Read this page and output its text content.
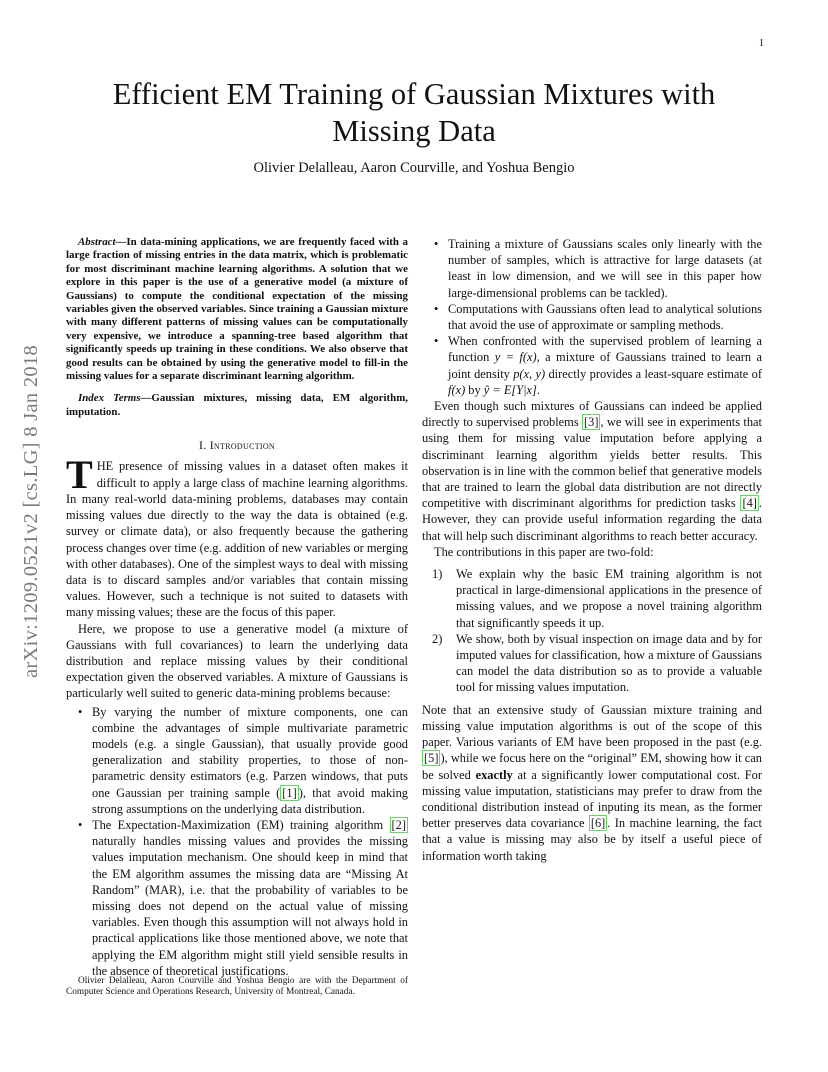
1
arXiv:1209.0521v2 [cs.LG] 8 Jan 2018
Efficient EM Training of Gaussian Mixtures with Missing Data
Olivier Delalleau, Aaron Courville, and Yoshua Bengio

Abstract—In data-mining applications, we are frequently faced with a large fraction of missing entries in the data matrix, which is problematic for most discriminant machine learning algorithms. A solution that we explore in this paper is the use of a generative model (a mixture of Gaussians) to compute the conditional expectation of the missing variables given the observed variables. Since training a Gaussian mixture with many different patterns of missing values can be computationally very expensive, we introduce a spanning-tree based algorithm that significantly speeds up training in these conditions. We also observe that good results can be obtained by using the generative model to fill-in the missing values for a separate discriminant learning algorithm.

Index Terms—Gaussian mixtures, missing data, EM algorithm, imputation.

I. Introduction

THE presence of missing values in a dataset often makes it difficult to apply a large class of machine learning algorithms. In many real-world data-mining problems, databases may contain missing values due directly to the way the data is obtained (e.g. survey or climate data), or also frequently because the gathering process changes over time (e.g. addition of new variables or merging with other databases). One of the simplest ways to deal with missing data is to discard samples and/or variables that contain missing values. However, such a technique is not suited to datasets with many missing values; these are the focus of this paper.

Here, we propose to use a generative model (a mixture of Gaussians with full covariances) to learn the underlying data distribution and replace missing values by their conditional expectation given the observed variables. A mixture of Gaussians is particularly well suited to generic data-mining problems because:

• By varying the number of mixture components, one can combine the advantages of simple multivariate parametric models (e.g. a single Gaussian), that usually provide good generalization and stability properties, to those of non-parametric density estimators (e.g. Parzen windows, that puts one Gaussian per training sample ( [1] ), that avoid making strong assumptions on the underlying data distribution.
• The Expectation-Maximization (EM) training algorithm [2] naturally handles missing values and provides the missing values imputation mechanism. One should keep in mind that the EM algorithm assumes the missing data are “Missing At Random” (MAR), i.e. that the probability of variables to be missing does not depend on the actual value of missing variables. Even though this assumption will not always hold in practical applications like those mentioned above, we note that applying the EM algorithm might still yield sensible results in the absence of theoretical justifications.
• Training a mixture of Gaussians scales only linearly with the number of samples, which is attractive for large datasets (at least in low dimension, and we will see in this paper how large-dimensional problems can be tackled).
• Computations with Gaussians often lead to analytical solutions that avoid the use of approximate or sampling methods.
• When confronted with the supervised problem of learning a function y = f(x), a mixture of Gaussians trained to learn a joint density p(x, y) directly provides a least-square estimate of f(x) by ŷ = E[Y|x].

Even though such mixtures of Gaussians can indeed be applied directly to supervised problems [3] , we will see in experiments that using them for missing value imputation before applying a discriminant learning algorithm yields better results. This observation is in line with the common belief that generative models that are trained to learn the global data distribution are not directly competitive with discriminant algorithms for prediction tasks [4] . However, they can provide useful information regarding the data that will help such discriminant algorithms to reach better accuracy.

The contributions in this paper are two-fold:

1) We explain why the basic EM training algorithm is not practical in large-dimensional applications in the presence of missing values, and we propose a novel training algorithm that significantly speeds it up.
2) We show, both by visual inspection on image data and by for imputed values for classification, how a mixture of Gaussians can model the data distribution so as to provide a valuable tool for missing values imputation.

Note that an extensive study of Gaussian mixture training and missing value imputation algorithms is out of the scope of this paper. Various variants of EM have been proposed in the past (e.g. [5] ), while we focus here on the “original” EM, showing how it can be solved exactly at a significantly lower computational cost. For missing value imputation, statisticians may prefer to draw from the conditional distribution instead of inputing its mean, as the former better preserves data covariance [6] . In machine learning, the fact that a value is missing may also be by itself a useful piece of information worth taking

Olivier Delalleau, Aaron Courville and Yoshua Bengio are with the Department of Computer Science and Operations Research, University of Montreal, Canada.
